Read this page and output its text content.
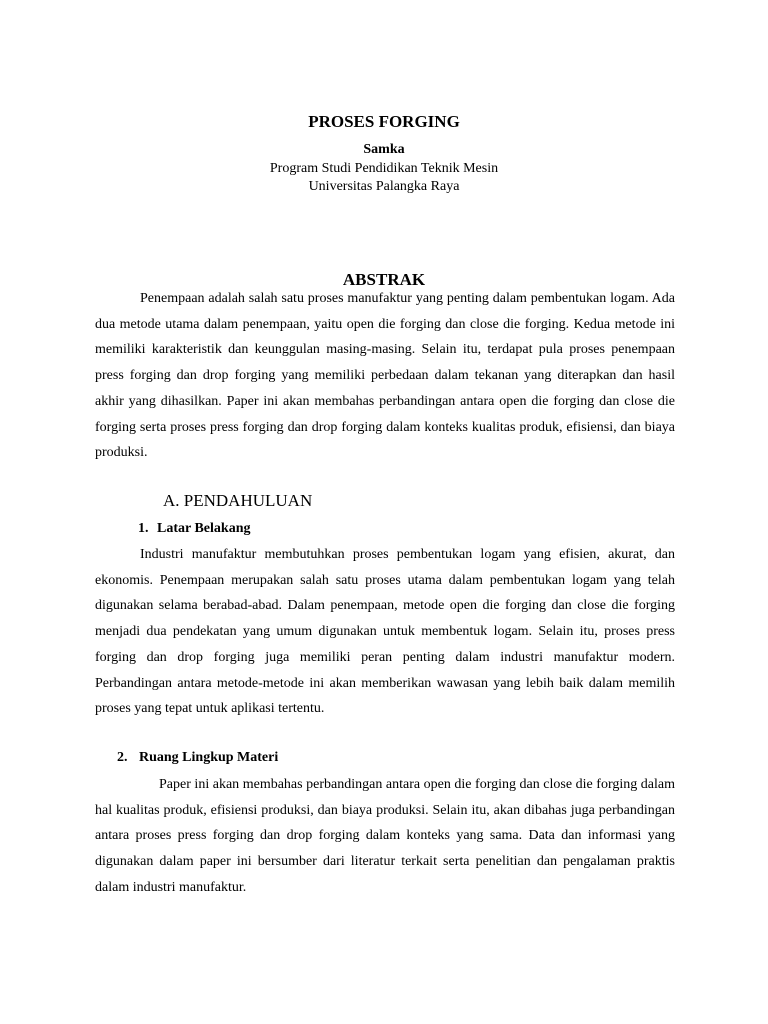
PROSES FORGING
Samka
Program Studi Pendidikan Teknik Mesin
Universitas Palangka Raya
ABSTRAK

Penempaan adalah salah satu proses manufaktur yang penting dalam pembentukan logam. Ada dua metode utama dalam penempaan, yaitu open die forging dan close die forging. Kedua metode ini memiliki karakteristik dan keunggulan masing-masing. Selain itu, terdapat pula proses penempaan press forging dan drop forging yang memiliki perbedaan dalam tekanan yang diterapkan dan hasil akhir yang dihasilkan. Paper ini akan membahas perbandingan antara open die forging dan close die forging serta proses press forging dan drop forging dalam konteks kualitas produk, efisiensi, dan biaya produksi.

A. PENDAHULUAN
1. Latar Belakang

Industri manufaktur membutuhkan proses pembentukan logam yang efisien, akurat, dan ekonomis. Penempaan merupakan salah satu proses utama dalam pembentukan logam yang telah digunakan selama berabad-abad. Dalam penempaan, metode open die forging dan close die forging menjadi dua pendekatan yang umum digunakan untuk membentuk logam. Selain itu, proses press forging dan drop forging juga memiliki peran penting dalam industri manufaktur modern. Perbandingan antara metode-metode ini akan memberikan wawasan yang lebih baik dalam memilih proses yang tepat untuk aplikasi tertentu.

2. Ruang Lingkup Materi

Paper ini akan membahas perbandingan antara open die forging dan close die forging dalam hal kualitas produk, efisiensi produksi, dan biaya produksi. Selain itu, akan dibahas juga perbandingan antara proses press forging dan drop forging dalam konteks yang sama. Data dan informasi yang digunakan dalam paper ini bersumber dari literatur terkait serta penelitian dan pengalaman praktis dalam industri manufaktur.
